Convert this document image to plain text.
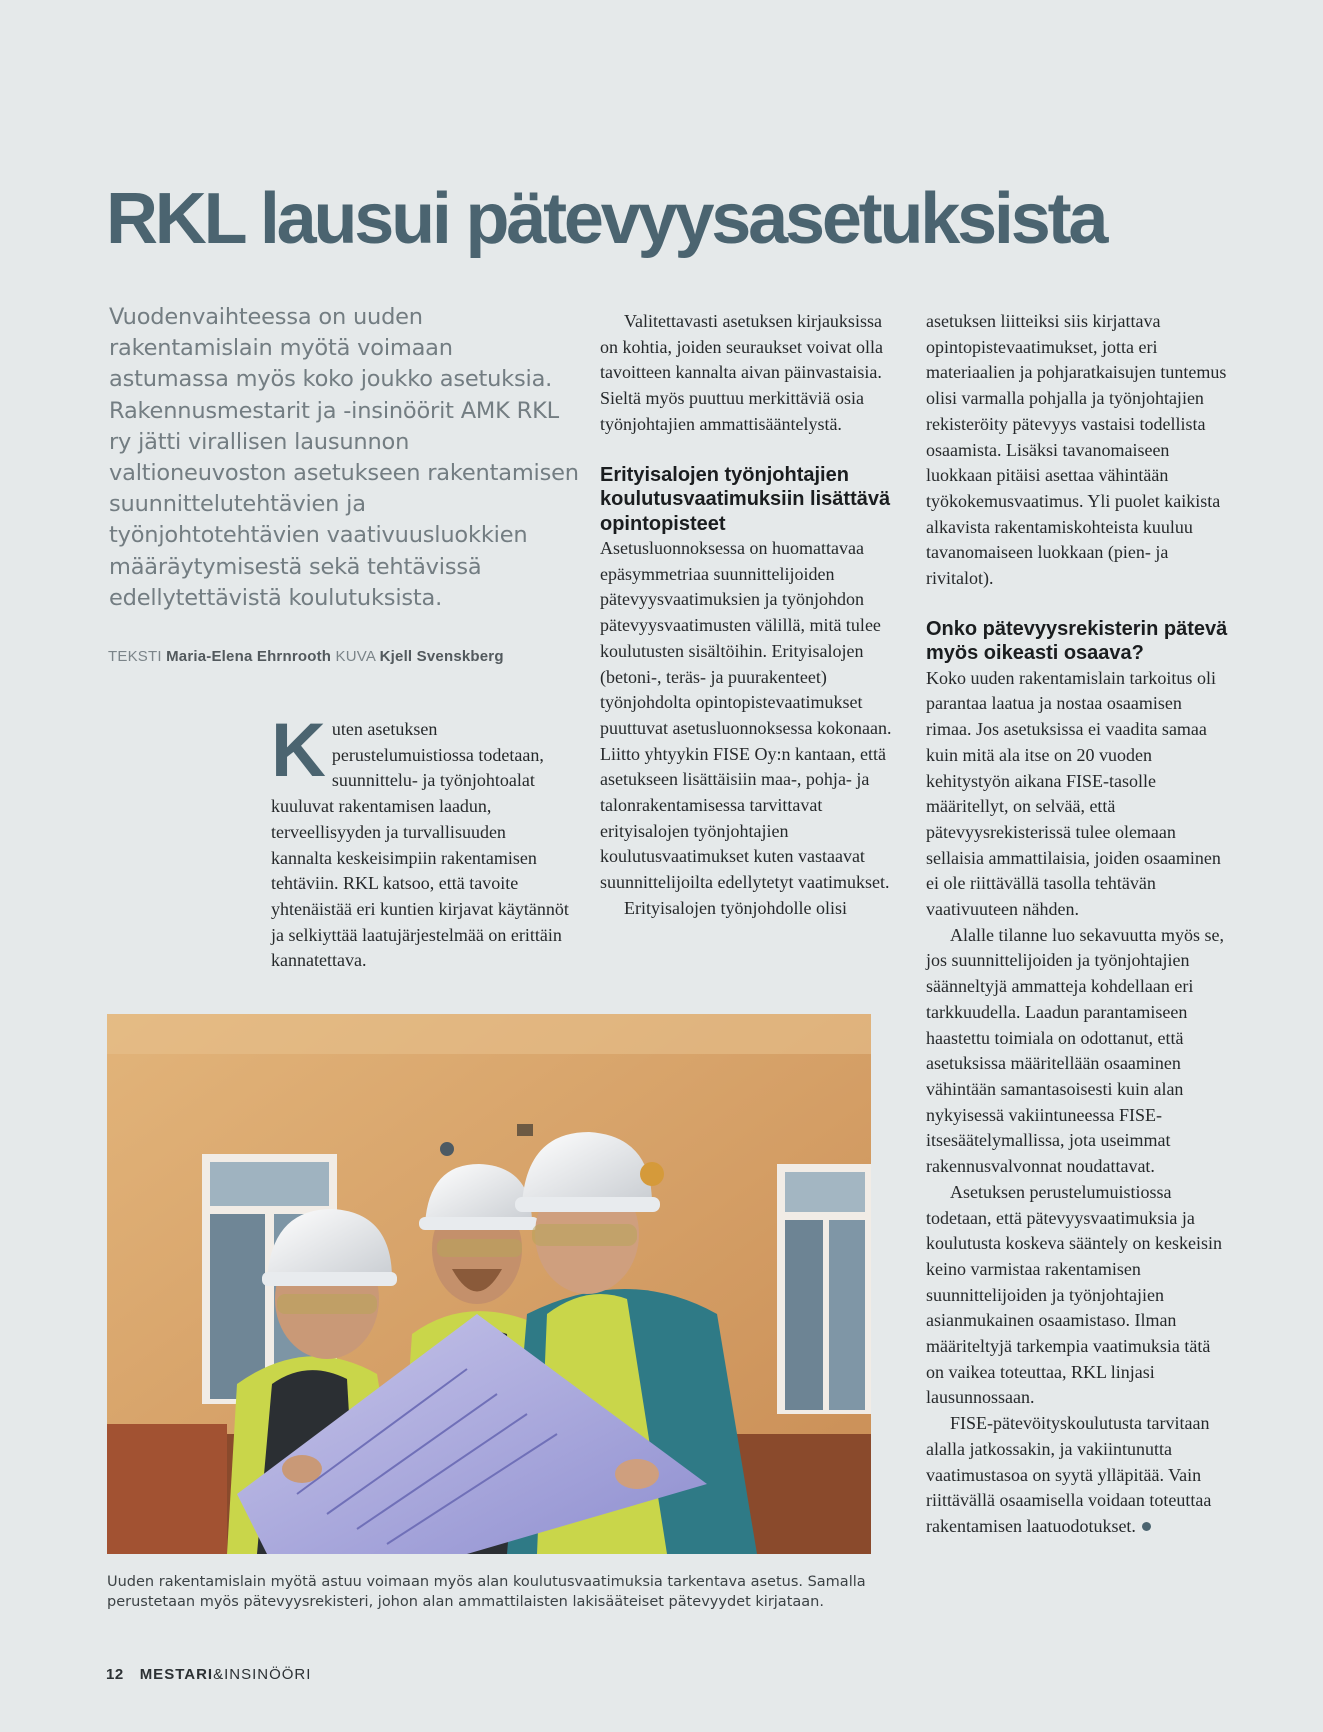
RKL lausui pätevyysasetuksista

Vuodenvaihteessa on uuden rakentamislain myötä voimaan astumassa myös koko joukko asetuksia. Rakennusmestarit ja -insinöörit AMK RKL ry jätti virallisen lausunnon valtioneuvoston asetukseen rakentamisen suunnittelutehtävien ja työnjohtotehtävien vaativuusluokkien määräytymisestä sekä tehtävissä edellytettävistä koulutuksista.

TEKSTI Maria-Elena Ehrnrooth KUVA Kjell Svenskberg

Kuten asetuksen perustelumuistiossa todetaan, suunnittelu- ja työnjohtoalat kuuluvat rakentamisen laadun, terveellisyyden ja turvallisuuden kannalta keskeisimpiin rakentamisen tehtäviin. RKL katsoo, että tavoite yhtenäistää eri kuntien kirjavat käytännöt ja selkiyttää laatujärjestelmää on erittäin kannatettava.

Valitettavasti asetuksen kirjauksissa on kohtia, joiden seuraukset voivat olla tavoitteen kannalta aivan päinvastaisia. Sieltä myös puuttuu merkittäviä osia työnjohtajien ammattisääntelystä.

Erityisalojen työnjohtajien koulutusvaatimuksiin lisättävä opintopisteet

Asetusluonnoksessa on huomattavaa epäsymmetriaa suunnittelijoiden pätevyysvaatimuksien ja työnjohdon pätevyysvaatimusten välillä, mitä tulee koulutusten sisältöihin. Erityisalojen (betoni-, teräs- ja puurakenteet) työnjohdolta opintopistevaatimukset puuttuvat asetusluonnoksessa kokonaan. Liitto yhtyykin FISE Oy:n kantaan, että asetukseen lisättäisiin maa-, pohja- ja talonrakentamisessa tarvittavat erityisalojen työnjohtajien koulutusvaatimukset kuten vastaavat suunnittelijoilta edellytetyt vaatimukset.

Erityisalojen työnjohdolle olisi

asetuksen liitteiksi siis kirjattava opintopistevaatimukset, jotta eri materiaalien ja pohjaratkaisujen tuntemus olisi varmalla pohjalla ja työnjohtajien rekisteröity pätevyys vastaisi todellista osaamista. Lisäksi tavanomaiseen luokkaan pitäisi asettaa vähintään työkokemusvaatimus. Yli puolet kaikista alkavista rakentamiskohteista kuuluu tavanomaiseen luokkaan (pien- ja rivitalot).

Onko pätevyysrekisterin pätevä myös oikeasti osaava?

Koko uuden rakentamislain tarkoitus oli parantaa laatua ja nostaa osaamisen rimaa. Jos asetuksissa ei vaadita samaa kuin mitä ala itse on 20 vuoden kehitystyön aikana FISE-tasolle määritellyt, on selvää, että pätevyysrekisterissä tulee olemaan sellaisia ammattilaisia, joiden osaaminen ei ole riittävällä tasolla tehtävän vaativuuteen nähden.

Alalle tilanne luo sekavuutta myös se, jos suunnittelijoiden ja työnjohtajien säänneltyjä ammatteja kohdellaan eri tarkkuudella. Laadun parantamiseen haastettu toimiala on odottanut, että asetuksissa määritellään osaaminen vähintään samantasoisesti kuin alan nykyisessä vakiintuneessa FISE-itsesäätelymallissa, jota useimmat rakennusvalvonnat noudattavat.

Asetuksen perustelumuistiossa todetaan, että pätevyysvaatimuksia ja koulutusta koskeva sääntely on keskeisin keino varmistaa rakentamisen suunnittelijoiden ja työnjohtajien asianmukainen osaamistaso. Ilman määriteltyjä tarkempia vaatimuksia tätä on vaikea toteuttaa, RKL linjasi lausunnossaan.

FISE-pätevöityskoulutusta tarvitaan alalla jatkossakin, ja vakiintunutta vaatimustasoa on syytä ylläpitää. Vain riittävällä osaamisella voidaan toteuttaa rakentamisen laatuodotukset.

Uuden rakentamislain myötä astuu voimaan myös alan koulutusvaatimuksia tarkentava asetus. Samalla perustetaan myös pätevyysrekisteri, johon alan ammattilaisten lakisääteiset pätevyydet kirjataan.

12 MESTARI&INSINÖÖRI
